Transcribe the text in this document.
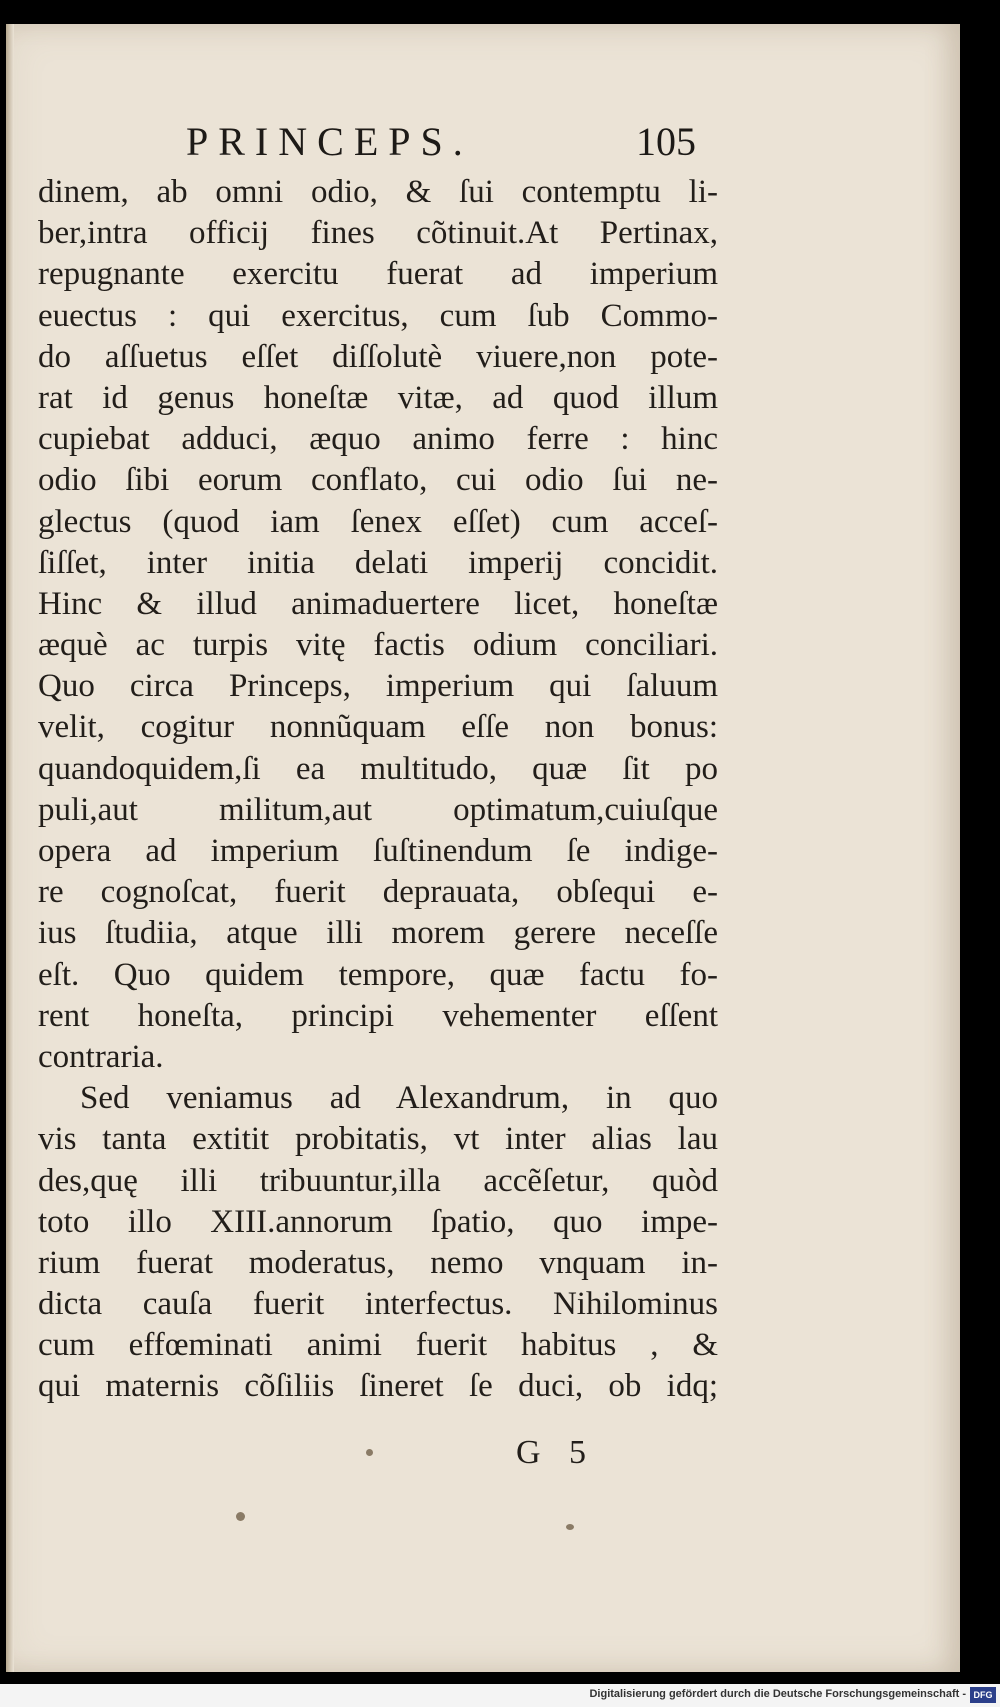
PRINCEPS.	105
dinem, ab omni odio, & ſui contemptu li-
ber,intra officij fines cõtinuit.At Pertinax,
repugnante exercitu fuerat ad imperium
euectus : qui exercitus, cum ſub Commo-
do aſſuetus eſſet diſſolutè viuere,non pote-
rat id genus honeſtæ vitæ, ad quod illum
cupiebat adduci, æquo animo ferre : hinc
odio ſibi eorum conflato, cui odio ſui ne-
glectus (quod iam ſenex eſſet) cum acceſ-
ſiſſet, inter initia delati imperij concidit.
Hinc & illud animaduertere licet, honeſtæ
æquè ac turpis vitę factis odium conciliari.
Quo circa Princeps, imperium qui ſaluum
velit, cogitur nonnũquam eſſe non bonus:
quandoquidem,ſi ea multitudo, quæ ſit po
puli,aut militum,aut optimatum,cuiuſque
opera ad imperium ſuſtinendum ſe indige-
re cognoſcat, fuerit deprauata, obſequi e-
ius ſtudiia, atque illi morem gerere neceſſe
eſt. Quo quidem tempore, quæ factu fo-
rent honeſta, principi vehementer eſſent
contraria.
Sed veniamus ad Alexandrum, in quo
vis tanta extitit probitatis, vt inter alias lau
des,quę illi tribuuntur,illa accẽſetur, quòd
toto illo XIII.annorum ſpatio, quo impe-
rium fuerat moderatus, nemo vnquam in-
dicta cauſa fuerit interfectus. Nihilominus
cum effœminati animi fuerit habitus , &
qui maternis cõſiliis ſineret ſe duci, ob idq;
G 5
Digitalisierung gefördert durch die Deutsche Forschungsgemeinschaft - DFG
